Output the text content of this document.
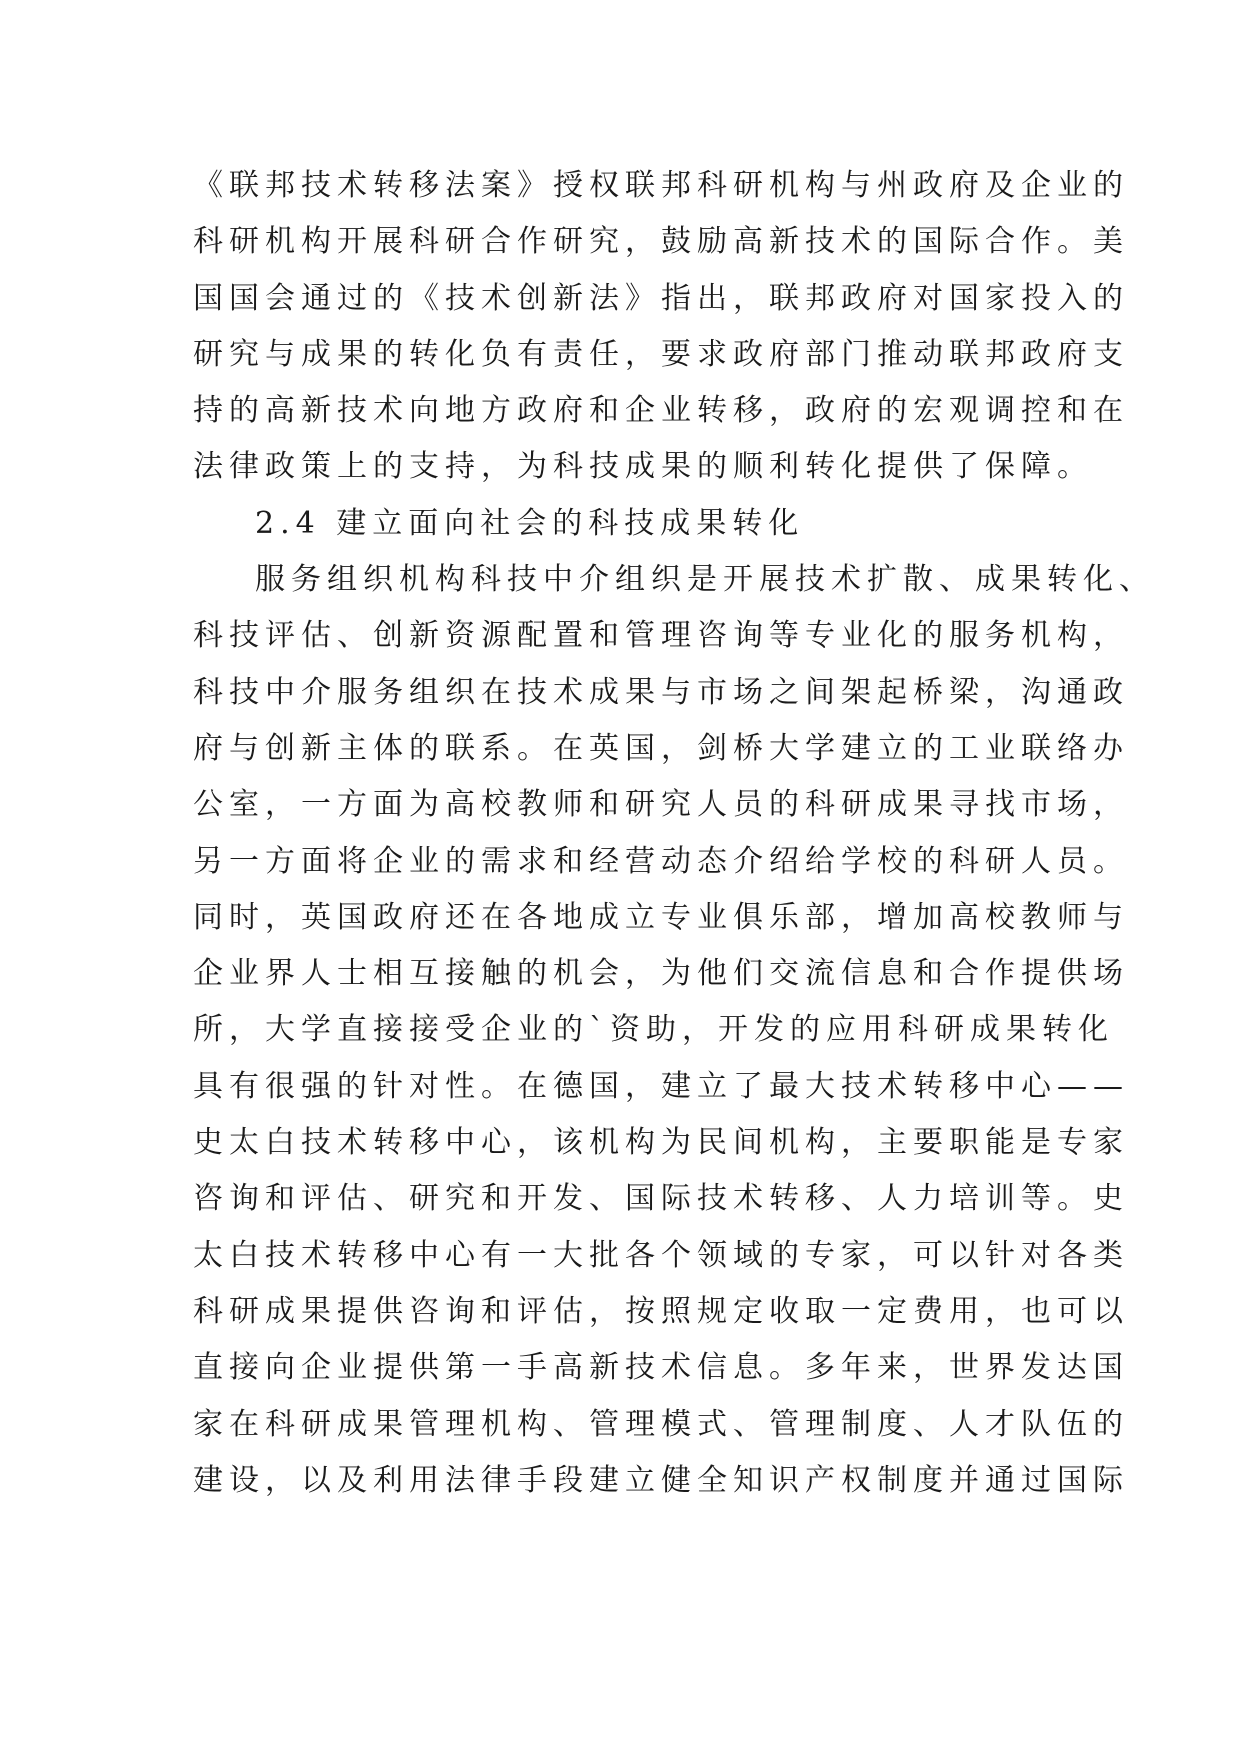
《联邦技术转移法案》授权联邦科研机构与州政府及企业的
科研机构开展科研合作研究，鼓励高新技术的国际合作。美
国国会通过的《技术创新法》指出，联邦政府对国家投入的
研究与成果的转化负有责任，要求政府部门推动联邦政府支
持的高新技术向地方政府和企业转移，政府的宏观调控和在
法律政策上的支持，为科技成果的顺利转化提供了保障。
2.4 建立面向社会的科技成果转化
服务组织机构科技中介组织是开展技术扩散、成果转化、
科技评估、创新资源配置和管理咨询等专业化的服务机构，
科技中介服务组织在技术成果与市场之间架起桥梁，沟通政
府与创新主体的联系。在英国，剑桥大学建立的工业联络办
公室，一方面为高校教师和研究人员的科研成果寻找市场，
另一方面将企业的需求和经营动态介绍给学校的科研人员。
同时，英国政府还在各地成立专业俱乐部，增加高校教师与
企业界人士相互接触的机会，为他们交流信息和合作提供场
所，大学直接接受企业的`资助，开发的应用科研成果转化
具有很强的针对性。在德国，建立了最大技术转移中心——
史太白技术转移中心，该机构为民间机构，主要职能是专家
咨询和评估、研究和开发、国际技术转移、人力培训等。史
太白技术转移中心有一大批各个领域的专家，可以针对各类
科研成果提供咨询和评估，按照规定收取一定费用，也可以
直接向企业提供第一手高新技术信息。多年来，世界发达国
家在科研成果管理机构、管理模式、管理制度、人才队伍的
建设，以及利用法律手段建立健全知识产权制度并通过国际
